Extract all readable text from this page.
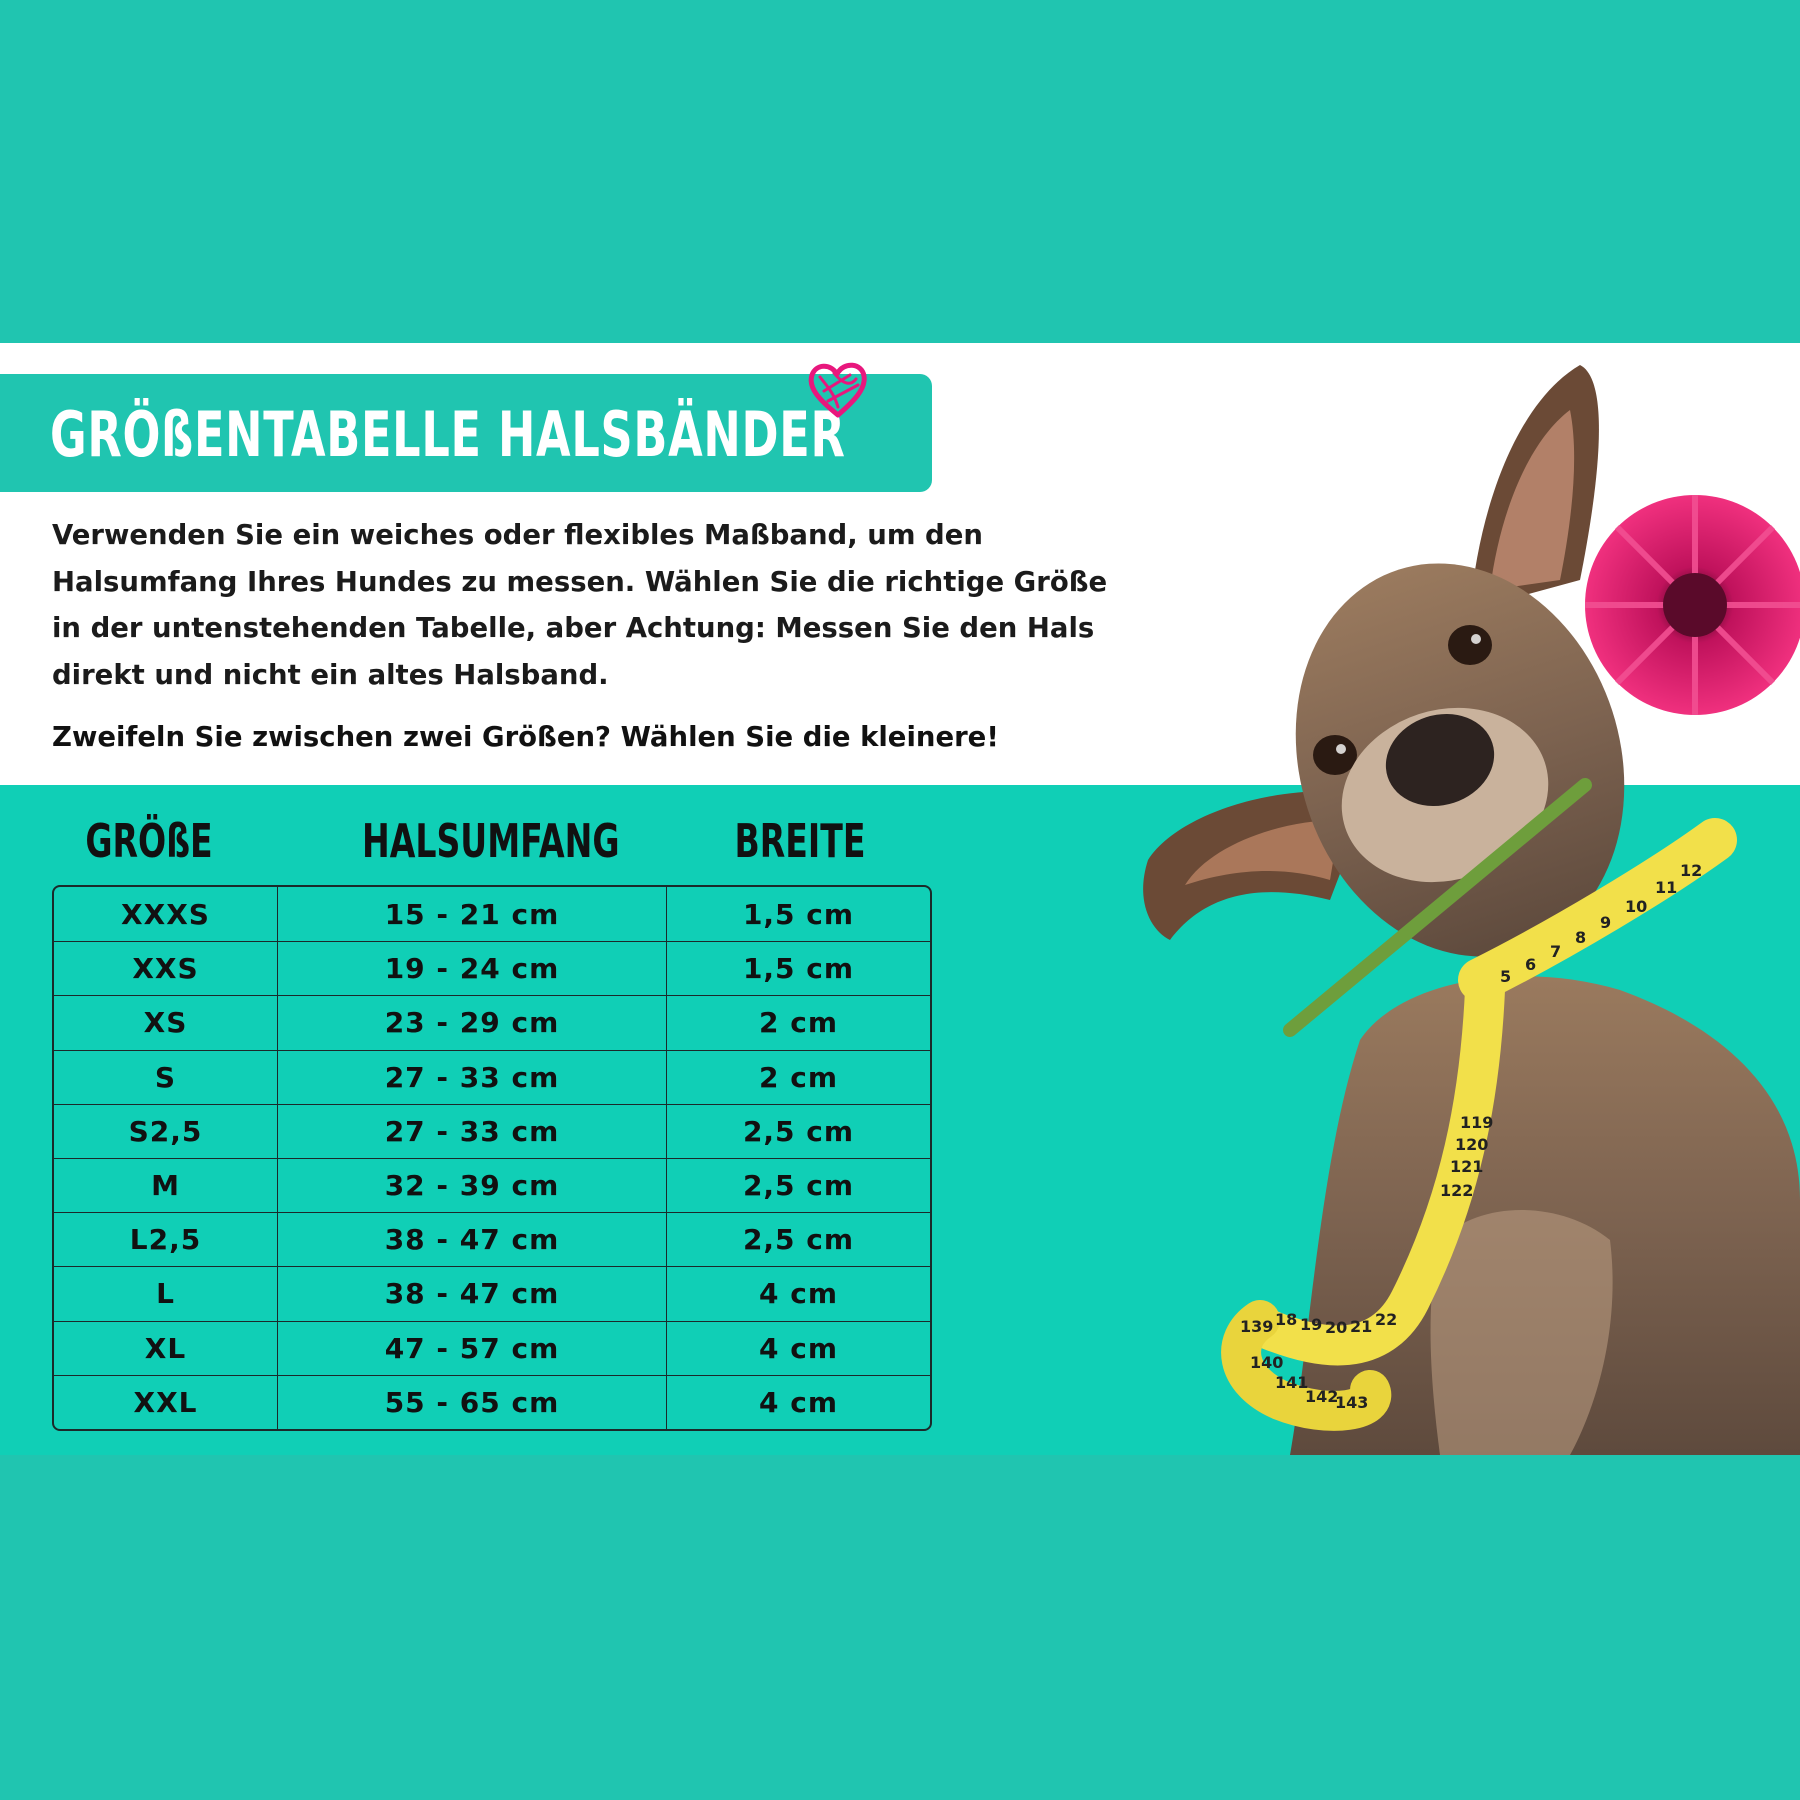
GRÖßENTABELLE HALSBÄNDER

Verwenden Sie ein weiches oder flexibles Maßband, um den
Halsumfang Ihres Hundes zu messen. Wählen Sie die richtige Größe
in der untenstehenden Tabelle, aber Achtung: Messen Sie den Hals
direkt und nicht ein altes Halsband.

Zweifeln Sie zwischen zwei Größen? Wählen Sie die kleinere!

GRÖßE	HALSUMFANG	BREITE
XXXS	15 - 21 cm	1,5 cm
XXS	19 - 24 cm	1,5 cm
XS	23 - 29 cm	2 cm
S	27 - 33 cm	2 cm
S2,5	27 - 33 cm	2,5 cm
M	32 - 39 cm	2,5 cm
L2,5	38 - 47 cm	2,5 cm
L	38 - 47 cm	4 cm
XL	47 - 57 cm	4 cm
XXL	55 - 65 cm	4 cm
5
6
7
8
9
10
11
12
119
120
121
122
139
140
141
142
143
18 19 20 21 22
